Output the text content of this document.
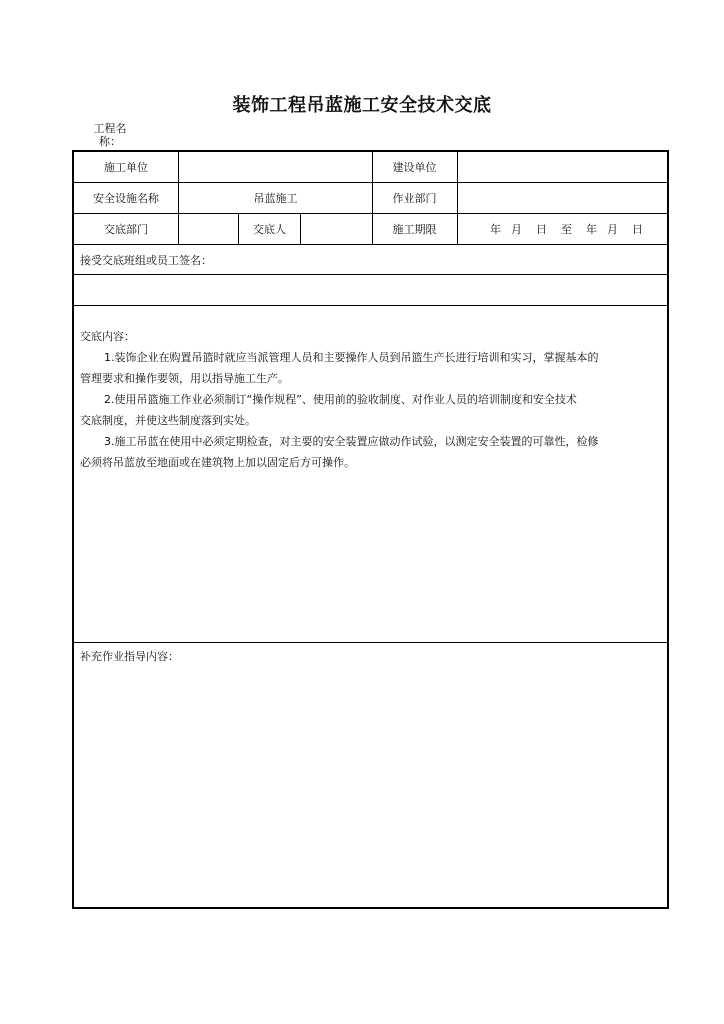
装饰工程吊蓝施工安全技术交底
工程名称：
施工单位	建设单位
安全设施名称	吊蓝施工	作业部门
交底部门	交底人	施工期限	年 月 日 至 年 月 日
接受交底班组或员工签名：
交底内容：
1.装饰企业在购置吊篮时就应当派管理人员和主要操作人员到吊篮生产长进行培训和实习，掌握基本的
管理要求和操作要领，用以指导施工生产。
2.使用吊篮施工作业必须制订“操作规程”、使用前的验收制度、对作业人员的培训制度和安全技术
交底制度，并使这些制度落到实处。
3.施工吊蓝在使用中必须定期检查，对主要的安全装置应做动作试验，以测定安全装置的可靠性，检修
必须将吊蓝放至地面或在建筑物上加以固定后方可操作。
补充作业指导内容：
